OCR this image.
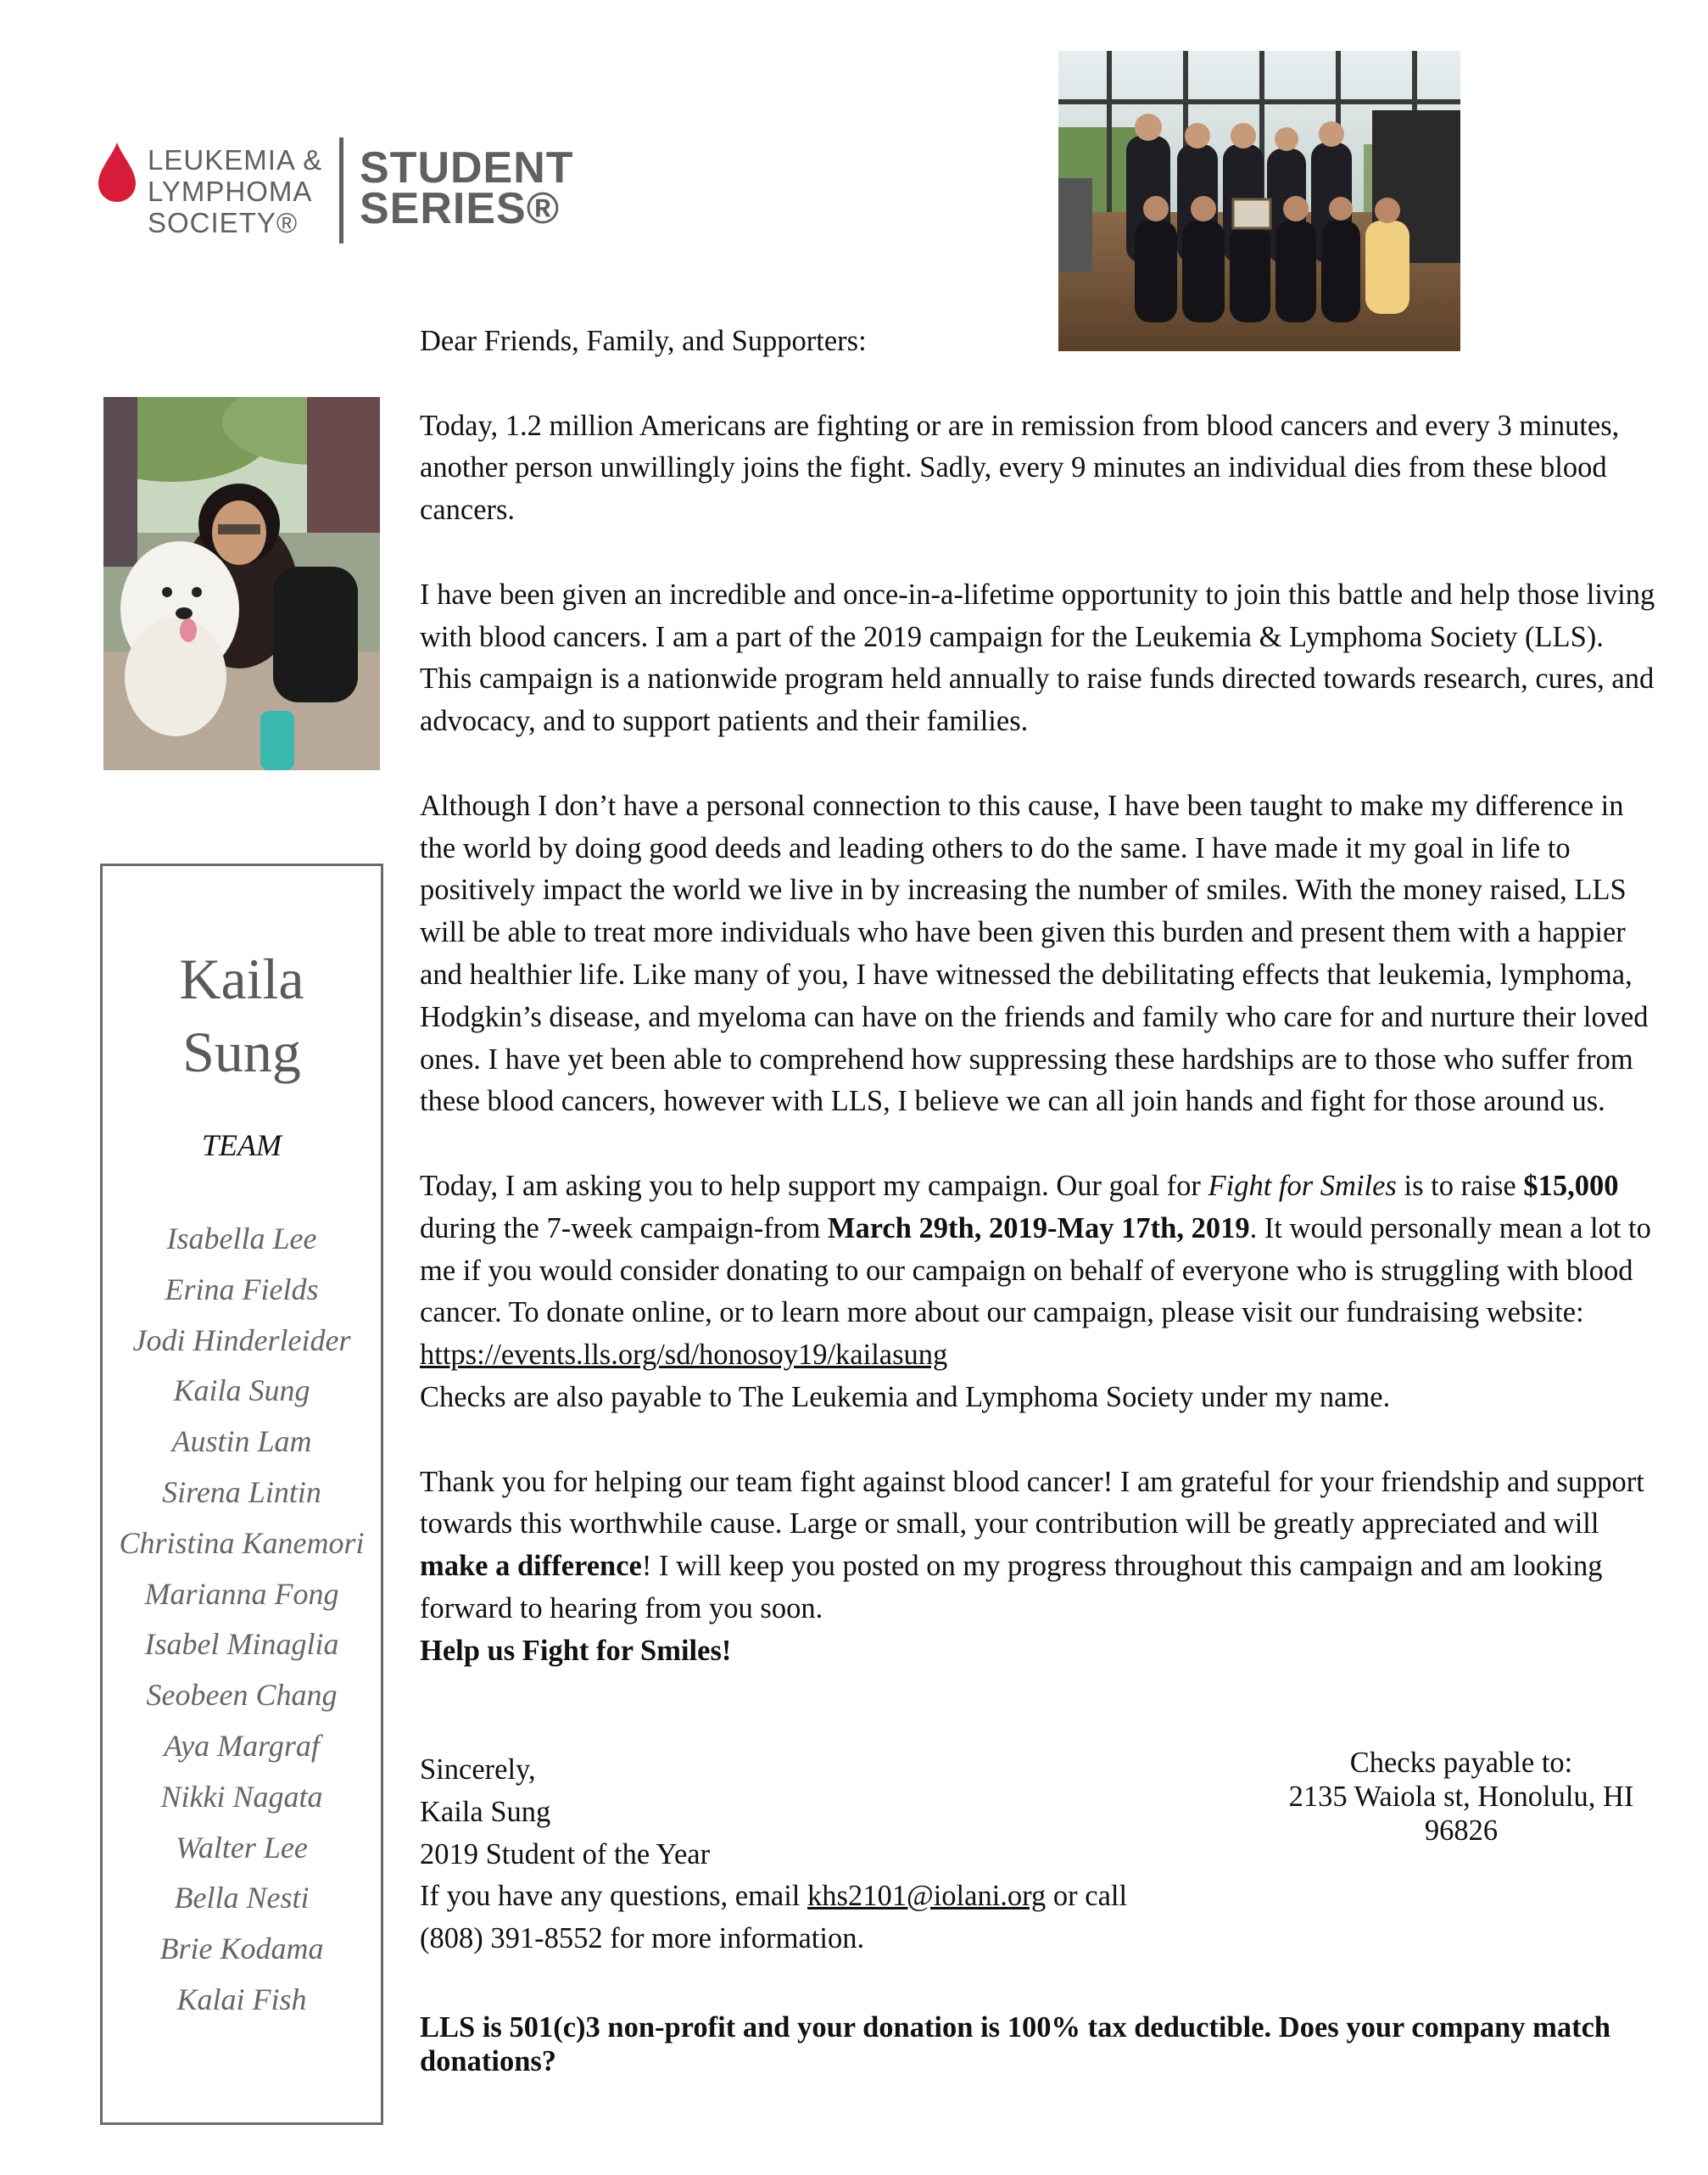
LEUKEMIA &
LYMPHOMA
SOCIETY®
STUDENT
SERIES®
Kaila
Sung
TEAM
Isabella Lee
Erina Fields
Jodi Hinderleider
Kaila Sung
Austin Lam
Sirena Lintin
Christina Kanemori
Marianna Fong
Isabel Minaglia
Seobeen Chang
Aya Margraf
Nikki Nagata
Walter Lee
Bella Nesti
Brie Kodama
Kalai Fish

Dear Friends, Family, and Supporters:

Today, 1.2 million Americans are fighting or are in remission from blood cancers and every 3 minutes, another person unwillingly joins the fight. Sadly, every 9 minutes an individual dies from these blood cancers.

I have been given an incredible and once-in-a-lifetime opportunity to join this battle and help those living with blood cancers. I am a part of the 2019 campaign for the Leukemia & Lymphoma Society (LLS). This campaign is a nationwide program held annually to raise funds directed towards research, cures, and advocacy, and to support patients and their families.

Although I don’t have a personal connection to this cause, I have been taught to make my difference in the world by doing good deeds and leading others to do the same. I have made it my goal in life to positively impact the world we live in by increasing the number of smiles. With the money raised, LLS will be able to treat more individuals who have been given this burden and present them with a happier and healthier life. Like many of you, I have witnessed the debilitating effects that leukemia, lymphoma, Hodgkin’s disease, and myeloma can have on the friends and family who care for and nurture their loved ones. I have yet been able to comprehend how suppressing these hardships are to those who suffer from these blood cancers, however with LLS, I believe we can all join hands and fight for those around us.

Today, I am asking you to help support my campaign. Our goal for Fight for Smiles is to raise $15,000 during the 7-week campaign-from March 29th, 2019-May 17th, 2019. It would personally mean a lot to me if you would consider donating to our campaign on behalf of everyone who is struggling with blood cancer. To donate online, or to learn more about our campaign, please visit our fundraising website: https://events.lls.org/sd/honosoy19/kailasung
Checks are also payable to The Leukemia and Lymphoma Society under my name.

Thank you for helping our team fight against blood cancer! I am grateful for your friendship and support towards this worthwhile cause. Large or small, your contribution will be greatly appreciated and will make a difference! I will keep you posted on my progress throughout this campaign and am looking forward to hearing from you soon.
Help us Fight for Smiles!

Sincerely,
Kaila Sung
2019 Student of the Year
If you have any questions, email khs2101@iolani.org or call
(808) 391-8552 for more information.
Checks payable to:
2135 Waiola st, Honolulu, HI
96826
LLS is 501(c)3 non-profit and your donation is 100% tax deductible. Does your company match donations?
